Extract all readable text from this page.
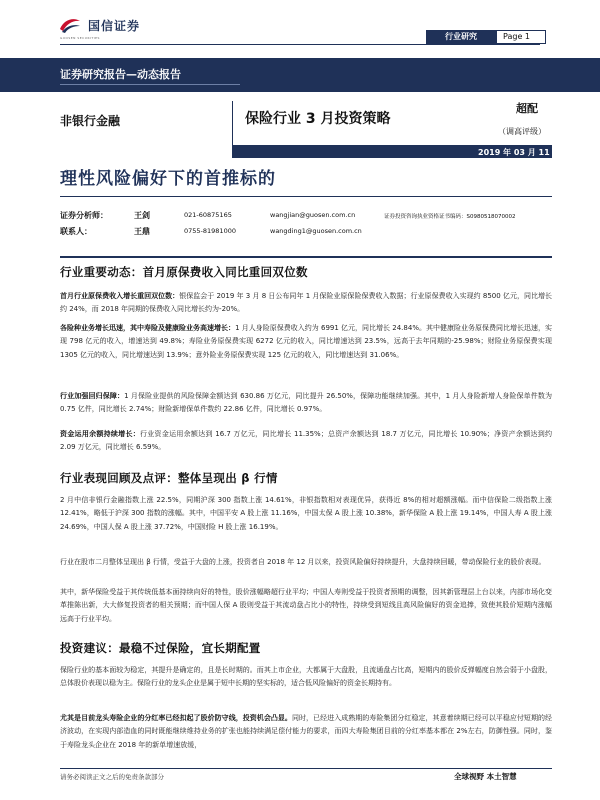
国信证券
GUOSEN SECURITIES	行业研究	Page 1
证券研究报告—动态报告
非银行金融	保险行业 3 月投资策略
超配
（调高评级）
2019 年 03 月 11 日
理性风险偏好下的首推标的
证券分析师：	王剑	021-60875165	wangjian@guosen.com.cn	证券投资咨询执业资格证书编码：S0980518070002
联系人：	王鼎	0755-81981000	wangding1@guosen.com.cn
行业重要动态：首月原保费收入同比重回双位数
首月行业原保费收入增长重回双位数：银保监会于 2019 年 3 月 8 日公布同年 1 月保险业原保险保费收入数据；行业原保费收入实现约 8500 亿元，同比增长约 24%，而 2018 年同期的保费收入同比增长约为-20%。
各险种业务增长迅速，其中寿险及健康险业务高速增长：1 月人身险原保费收入约为 6991 亿元，同比增长 24.84%。其中健康险业务原保费同比增长迅速，实现 798 亿元的收入，增速达到 49.8%；寿险业务原保费实现 6272 亿元的收入，同比增速达到 23.5%，远高于去年同期的-25.98%；财险业务原保费实现 1305 亿元的收入，同比增速达到 13.9%；意外险业务原保费实现 125 亿元的收入，同比增速达到 31.06%。
行业加强回归保障：1 月保险业提供的风险保障金额达到 630.86 万亿元，同比提升 26.50%，保障功能继续加强。其中，1 月人身险新增人身险保单件数为 0.75 亿件，同比增长 2.74%；财险新增保单件数约 22.86 亿件，同比增长 0.97%。
资金运用余额持续增长：行业资金运用余额达到 16.7 万亿元，同比增长 11.35%；总资产余额达到 18.7 万亿元，同比增长 10.90%；净资产余额达到约 2.09 万亿元，同比增长 6.59%。
行业表现回顾及点评：整体呈现出 β 行情
2 月中信非银行金融指数上涨 22.5%，同期沪深 300 指数上涨 14.61%，非银指数相对表现优异，获得近 8%的相对超额涨幅。而中信保险二级指数上涨 12.41%，略低于沪深 300 指数的涨幅。其中，中国平安 A 股上涨 11.16%，中国太保 A 股上涨 10.38%，新华保险 A 股上涨 19.14%，中国人寿 A 股上涨 24.69%，中国人保 A 股上涨 37.72%，中国财险 H 股上涨 16.19%。
行业在股市二月整体呈现出 β 行情，受益于大盘的上涨，投资者自 2018 年 12 月以来，投资风险偏好持续提升，大盘持续回暖，带动保险行业的股价表现。
其中，新华保险受益于其传统低基本面持续向好的特性，股价涨幅略超行业平均；中国人寿则受益于投资者预期的调整，因其新管理层上台以来，内部市场化变革推陈出新，大大修复投资者的相关预期；而中国人保 A 股则受益于其流动盘占比小的特性，持续受到短线且高风险偏好的资金追捧，致使其股价短期内涨幅远高于行业平均。
投资建议：最稳不过保险，宜长期配置
保险行业的基本面较为稳定，其提升是确定的，且是长时期的。而其上市企业，大都属于大盘股，且流通盘占比高，短期内的股价反弹幅度自然会弱于小盘股，总体股价表现以稳为主。保险行业的龙头企业是属于短中长期的坚实标的，适合低风险偏好的资金长期持有。
尤其是目前龙头寿险企业的分红率已经扣起了股价防守线，投资机会凸显。同时，已经进入成熟期的寿险集团分红稳定，其意着续期已经可以平稳应付短期的经济波动，在实现内部造血的同时既能继续维持业务的扩张也能持续满足偿付能力的要求，而四大寿险集团目前的分红率基本都在 2%左右，防御性强。同时，鉴于寿险龙头企业在 2018 年的新单增速放缓，
请务必阅读正文之后的免责条款部分	全球视野 本土智慧
